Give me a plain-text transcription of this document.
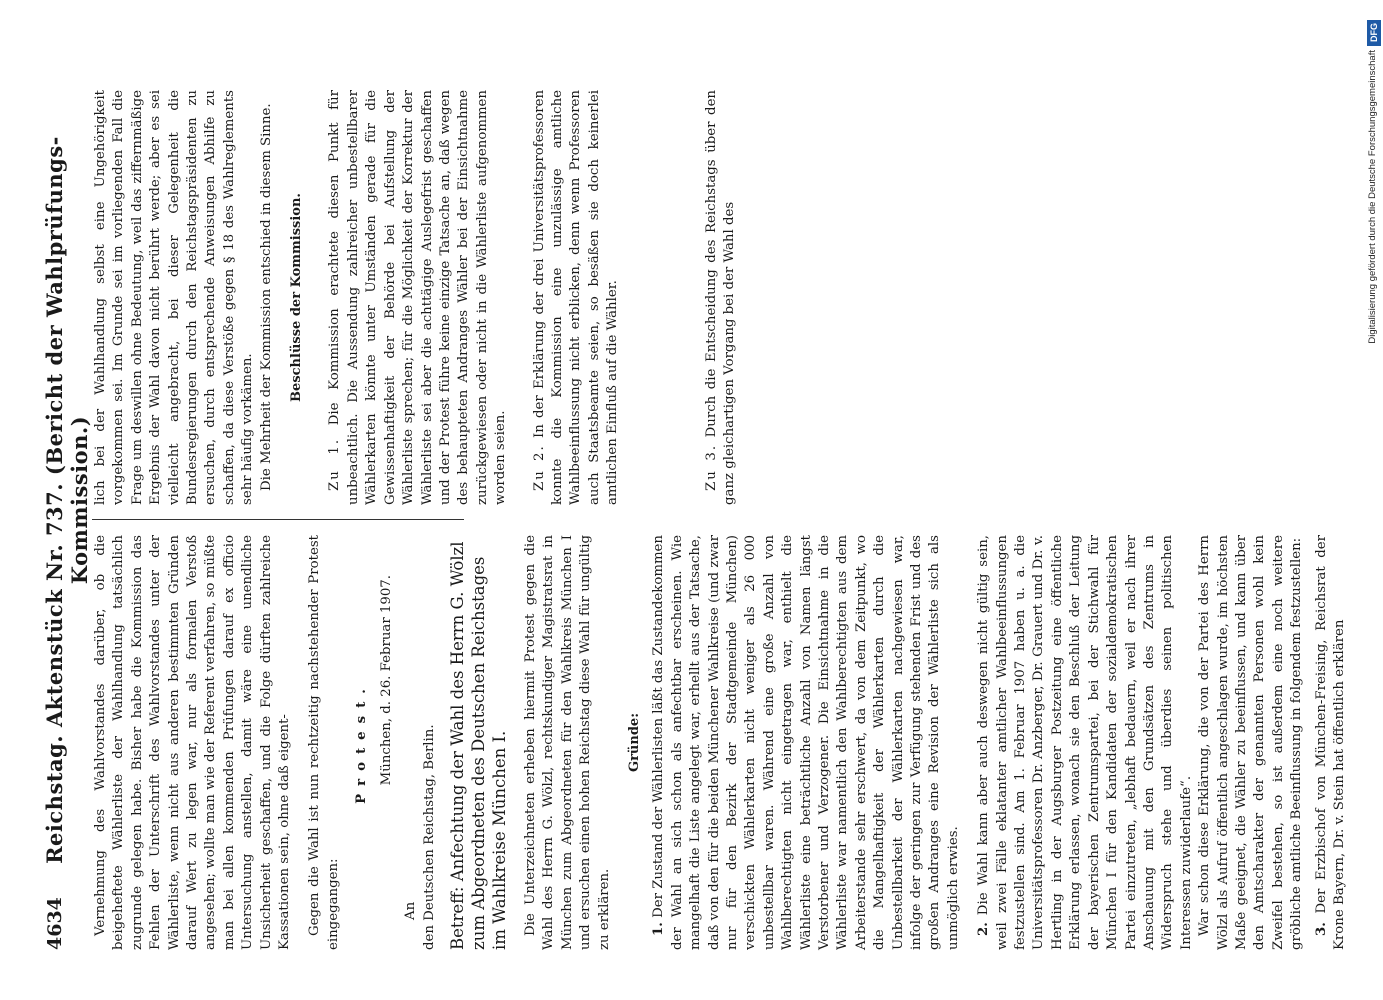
4634
Reichstag. Aktenstück Nr. 737. (Bericht der Wahlprüfungs-Kommission.)

Vernehmung des Wahlvorstandes darüber, ob die beigeheftete Wählerliste der Wahlhandlung tatsächlich zugrunde gelegen habe. Bisher habe die Kommission das Fehlen der Unterschrift des Wahlvorstandes unter der Wählerliste, wenn nicht aus anderen bestimmten Gründen darauf Wert zu legen war, nur als formalen Verstoß angesehen; wollte man wie der Referent verfahren, so müßte man bei allen kommenden Prüfungen darauf ex officio Untersuchung anstellen, damit wäre eine unendliche Unsicherheit geschaffen, und die Folge dürften zahlreiche Kassationen sein, ohne daß eigent- Gegen die Wahl ist nun rechtzeitig nachstehender Protest eingegangen:

Protest. München, d. 26. Februar 1907.

An den Deutschen Reichstag, Berlin. Betreff: Anfechtung der Wahl des Herrn G. Wölzl zum Abgeordneten des Deutschen Reichstages im Wahlkreise München I. Die Unterzeichneten erheben hiermit Protest gegen die Wahl des Herrn G. Wölzl, rechtskundiger Magistratsrat in München zum Abgeordneten für den Wahlkreis München I und ersuchen einen hohen Reichstag diese Wahl für ungültig zu erklären.

Gründe:

1. Der Zustand der Wählerlisten läßt das Zustandekommen der Wahl an sich schon als anfechtbar erscheinen. Wie mangelhaft die Liste angelegt war, erhellt aus der Tatsache, daß von den für die beiden Münchener Wahlkreise (und zwar nur für den Bezirk der Stadtgemeinde München) verschickten Wählerkarten nicht weniger als 26 000 unbestellbar waren. Während eine große Anzahl von Wahlberechtigten nicht eingetragen war, enthielt die Wählerliste eine beträchtliche Anzahl von Namen längst Verstorbener und Verzogener. Die Einsichtnahme in die Wählerliste war namentlich den Wahlberechtigten aus dem Arbeiterstande sehr erschwert, da von dem Zeitpunkt, wo die Mangelhaftigkeit der Wählerkarten durch die Unbestellbarkeit der Wählerkarten nachgewiesen war, infolge der geringen zur Verfügung stehenden Frist und des großen Andranges eine Revision der Wählerliste sich als unmöglich erwies. 2. Die Wahl kann aber auch deswegen nicht gültig sein, weil zwei Fälle eklatanter amtlicher Wahlbeeinflussungen festzustellen sind. Am 1. Februar 1907 haben u. a. die Universitätsprofessoren Dr. Anzberger, Dr. Grauert und Dr. v. Hertling in der Augsburger Postzeitung eine öffentliche Erklärung erlassen, wonach sie den Beschluß der Leitung der bayerischen Zentrumspartei, bei der Stichwahl für München I für den Kandidaten der sozialdemokratischen Partei einzutreten, „lebhaft bedauern, weil er nach ihrer Anschauung mit den Grundsätzen des Zentrums in Widerspruch stehe und überdies seinen politischen Interessen zuwiderlaufe“. War schon diese Erklärung, die von der Partei des Herrn Wölzl als Aufruf öffentlich angeschlagen wurde, im höchsten Maße geeignet, die Wähler zu beeinflussen, und kann über den Amtscharakter der genannten Personen wohl kein Zweifel bestehen, so ist außerdem eine noch weitere gröbliche amtliche Beeinflussung in folgendem festzustellen: 3. Der Erzbischof von München-Freising, Reichsrat der Krone Bayern, Dr. v. Stein hat öffentlich erklären

lich bei der Wahlhandlung selbst eine Ungehörigkeit vorgekommen sei. Im Grunde sei im vorliegenden Fall die Frage um deswillen ohne Bedeutung, weil das ziffernmäßige Ergebnis der Wahl davon nicht berührt werde; aber es sei vielleicht angebracht, bei dieser Gelegenheit die Bundesregierungen durch den Reichstagspräsidenten zu ersuchen, durch entsprechende Anweisungen Abhilfe zu schaffen, da diese Verstöße gegen § 18 des Wahlreglements sehr häufig vorkämen. Die Mehrheit der Kommission entschied in diesem Sinne. Beschlüsse der Kommission.

Zu 1. Die Kommission erachtete diesen Punkt für unbeachtlich. Die Aussendung zahlreicher unbestellbarer Wählerkarten könnte unter Umständen gerade für die Gewissenhaftigkeit der Behörde bei Aufstellung der Wählerliste sprechen; für die Möglichkeit der Korrektur der Wählerliste sei aber die achttägige Auslegefrist geschaffen und der Protest führe keine einzige Tatsache an, daß wegen des behaupteten Andranges Wähler bei der Einsichtnahme zurückgewiesen oder nicht in die Wählerliste aufgenommen worden seien. Zu 2. In der Erklärung der drei Universitätsprofessoren konnte die Kommission eine unzulässige amtliche Wahlbeeinflussung nicht erblicken, denn wenn Professoren auch Staatsbeamte seien, so besäßen sie doch keinerlei amtlichen Einfluß auf die Wähler.	Zu 3. Durch die Entscheidung des Reichstags über den ganz gleichartigen Vorgang bei der Wahl des

DFG
Digitalisierung gefördert durch die Deutsche Forschungsgemeinschaft
